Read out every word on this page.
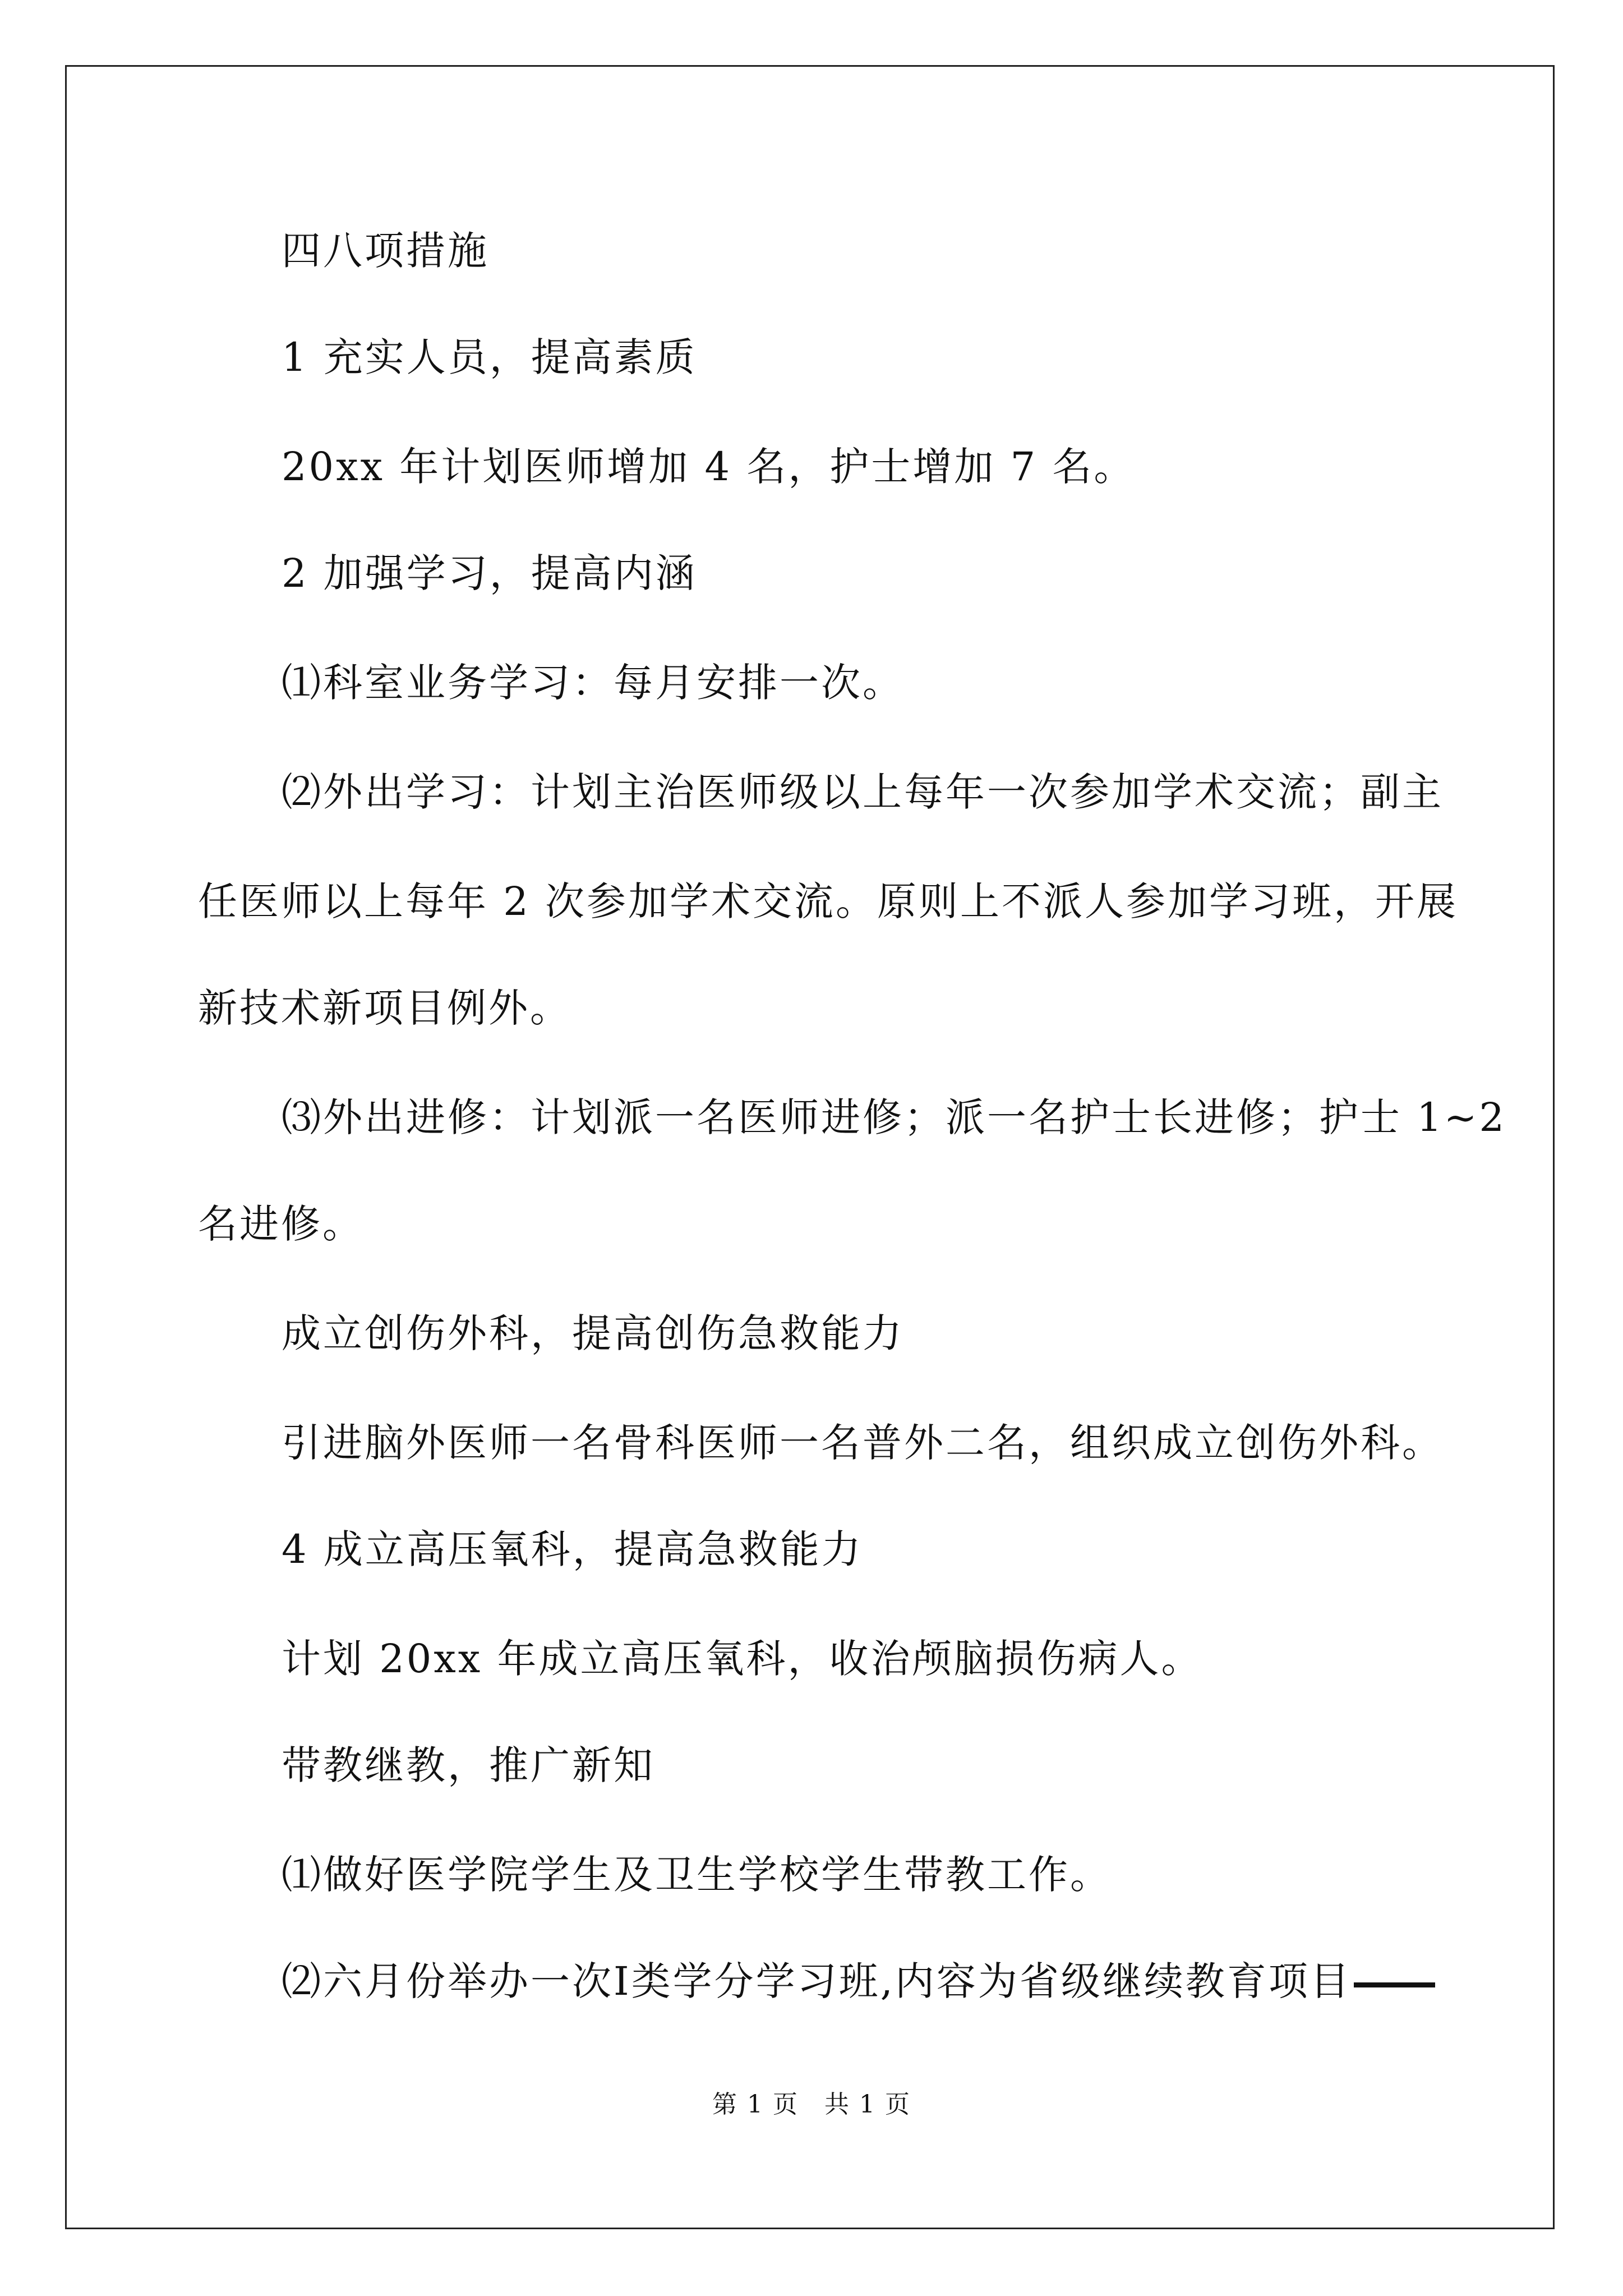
四八项措施
1 充实人员，提高素质
20xx 年计划医师增加 4 名，护士增加 7 名。
2 加强学习，提高内涵
⑴科室业务学习：每月安排一次。
⑵外出学习：计划主治医师级以上每年一次参加学术交流；副主
任医师以上每年 2 次参加学术交流。原则上不派人参加学习班，开展
新技术新项目例外。
⑶外出进修：计划派一名医师进修；派一名护士长进修；护士 1~2
名进修。
成立创伤外科，提高创伤急救能力
引进脑外医师一名骨科医师一名普外二名，组织成立创伤外科。
4 成立高压氧科，提高急救能力
计划 20xx 年成立高压氧科，收治颅脑损伤病人。
带教继教，推广新知
⑴做好医学院学生及卫生学校学生带教工作。
⑵六月份举办一次Ⅰ类学分学习班,内容为省级继续教育项目
第 1 页　共 1 页
